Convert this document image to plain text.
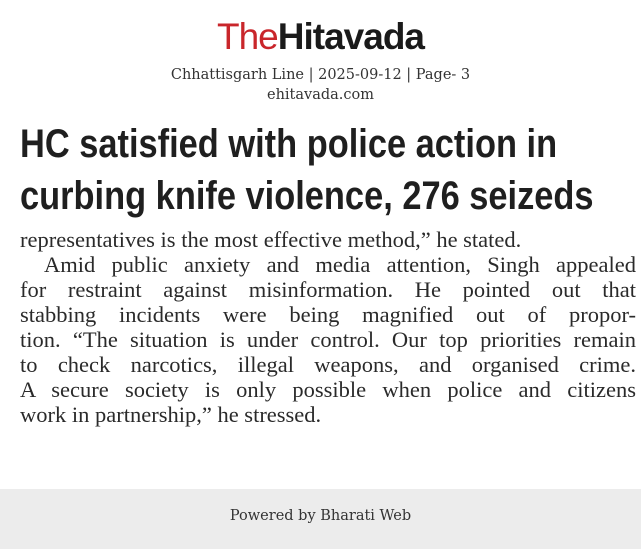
TheHitavada
Chhattisgarh Line | 2025-09-12 | Page- 3
ehitavada.com
HC satisfied with police action in
curbing knife violence, 276 seizeds
representatives is the most effective method,” he stated.
Amid public anxiety and media attention, Singh appealed
for restraint against misinformation. He pointed out that
stabbing incidents were being magnified out of propor-
tion. “The situation is under control. Our top priorities remain
to check narcotics, illegal weapons, and organised crime.
A secure society is only possible when police and citizens
work in partnership,” he stressed.
Powered by Bharati Web
